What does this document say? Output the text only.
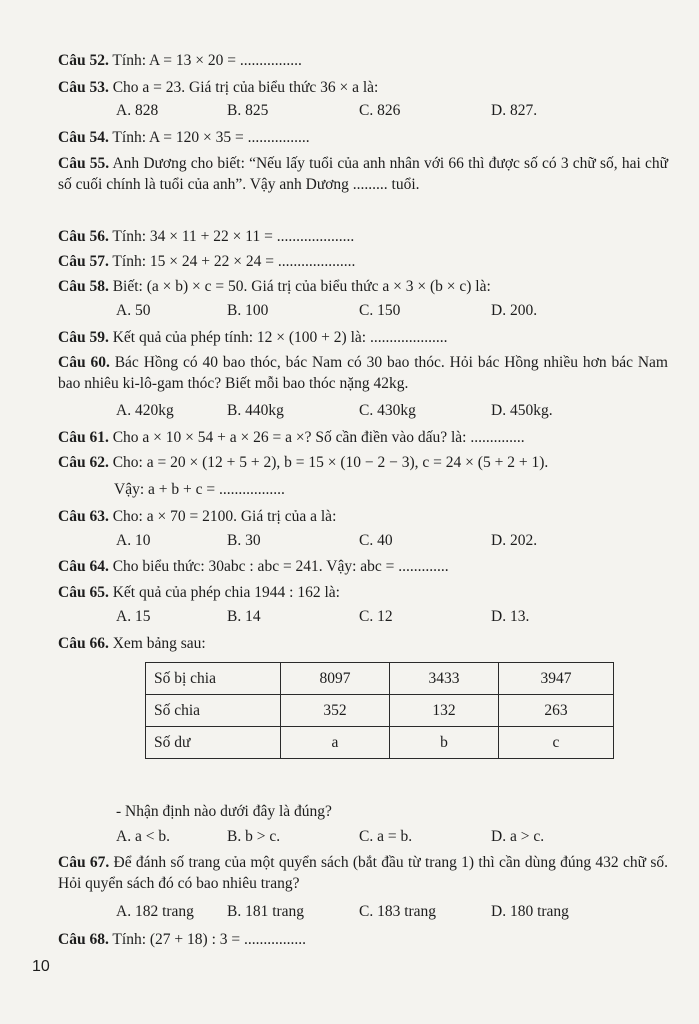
Câu 52. Tính: A = 13 × 20 = ................
Câu 53. Cho a = 23. Giá trị của biểu thức 36 × a là:
A. 828	B. 825	C. 826	D. 827.
Câu 54. Tính: A = 120 × 35 = ................
Câu 55. Anh Dương cho biết: “Nếu lấy tuổi của anh nhân với 66 thì được số có 3 chữ số, hai chữ số cuối chính là tuổi của anh”. Vậy anh Dương ......... tuổi.
Câu 56. Tính: 34 × 11 + 22 × 11 = ....................
Câu 57. Tính: 15 × 24 + 22 × 24 = ....................
Câu 58. Biết: (a × b) × c = 50. Giá trị của biểu thức a × 3 × (b × c) là:
A. 50	B. 100	C. 150	D. 200.
Câu 59. Kết quả của phép tính: 12 × (100 + 2) là: ....................
Câu 60. Bác Hồng có 40 bao thóc, bác Nam có 30 bao thóc. Hỏi bác Hồng nhiều hơn bác Nam bao nhiêu ki-lô-gam thóc? Biết mỗi bao thóc nặng 42kg.
A. 420kg	B. 440kg	C. 430kg	D. 450kg.
Câu 61. Cho a × 10 × 54 + a × 26 = a ×? Số cần điền vào dấu? là: ..............
Câu 62. Cho: a = 20 × (12 + 5 + 2), b = 15 × (10 − 2 − 3), c = 24 × (5 + 2 + 1).
Vậy: a + b + c = .................
Câu 63. Cho: a × 70 = 2100. Giá trị của a là:
A. 10	B. 30	C. 40	D. 202.
Câu 64. Cho biểu thức: 30abc : abc = 241. Vậy: abc = .............
Câu 65. Kết quả của phép chia 1944 : 162 là:
A. 15	B. 14	C. 12	D. 13.
Câu 66. Xem bảng sau:
Số bị chia	8097	3433	3947
Số chia	352	132	263
Số dư	a	b	c
- Nhận định nào dưới đây là đúng?
A. a < b.	B. b > c.	C. a = b.	D. a > c.
Câu 67. Để đánh số trang của một quyển sách (bắt đầu từ trang 1) thì cần dùng đúng 432 chữ số. Hỏi quyển sách đó có bao nhiêu trang?
A. 182 trang B. 181 trang	C. 183 trang	D. 180 trang
Câu 68. Tính: (27 + 18) : 3 = ................
10
